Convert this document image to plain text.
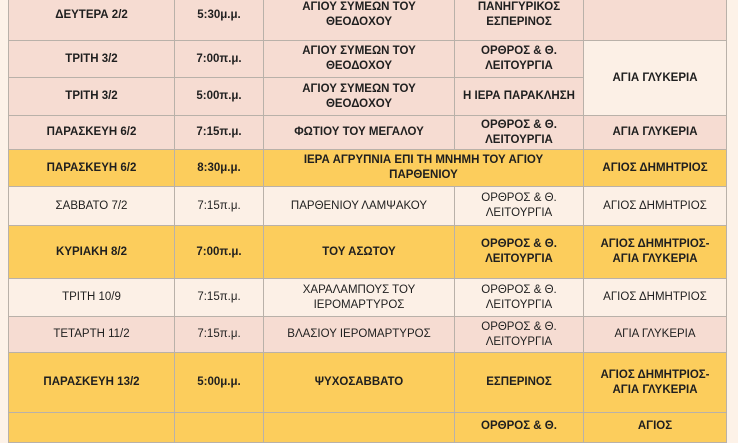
ΔΕΥΤΕΡΑ 2/2	5:30μ.μ.	ΑΓΙΟΥ ΣΥΜΕΩΝ ΤΟΥ ΘΕΟΔΟΧΟΥ	ΠΑΝΗΓΥΡΙΚΟΣ ΕΣΠΕΡΙΝΟΣ	
ΤΡΙΤΗ 3/2	7:00π.μ.	ΑΓΙΟΥ ΣΥΜΕΩΝ ΤΟΥ ΘΕΟΔΟΧΟΥ	ΟΡΘΡΟΣ & Θ. ΛΕΙΤΟΥΡΓΙΑ	ΑΓΙΑ ΓΛΥΚΕΡΙΑ
ΤΡΙΤΗ 3/2	5:00π.μ.	ΑΓΙΟΥ ΣΥΜΕΩΝ ΤΟΥ ΘΕΟΔΟΧΟΥ	Η ΙΕΡΑ ΠΑΡΑΚΛΗΣΗ	
ΠΑΡΑΣΚΕΥΗ 6/2	7:15π.μ.	ΦΩΤΙΟΥ ΤΟΥ ΜΕΓΑΛΟΥ	ΟΡΘΡΟΣ & Θ. ΛΕΙΤΟΥΡΓΙΑ	ΑΓΙΑ ΓΛΥΚΕΡΙΑ
ΠΑΡΑΣΚΕΥΗ 6/2	8:30μ.μ.	ΙΕΡΑ ΑΓΡΥΠΝΙΑ ΕΠΙ ΤΗ ΜΝΗΜΗ ΤΟΥ ΑΓΙΟΥ ΠΑΡΘΕΝΙΟΥ		ΑΓΙΟΣ ΔΗΜΗΤΡΙΟΣ
ΣΑΒΒΑΤΟ 7/2	7:15π.μ.	ΠΑΡΘΕΝΙΟΥ ΛΑΜΨΑΚΟΥ	ΟΡΘΡΟΣ & Θ. ΛΕΙΤΟΥΡΓΙΑ	ΑΓΙΟΣ ΔΗΜΗΤΡΙΟΣ
ΚΥΡΙΑΚΗ 8/2	7:00π.μ.	ΤΟΥ ΑΣΩΤΟΥ	ΟΡΘΡΟΣ & Θ. ΛΕΙΤΟΥΡΓΙΑ	ΑΓΙΟΣ ΔΗΜΗΤΡΙΟΣ- ΑΓΙΑ ΓΛΥΚΕΡΙΑ
ΤΡΙΤΗ 10/9	7:15π.μ.	ΧΑΡΑΛΑΜΠΟΥΣ ΤΟΥ ΙΕΡΟΜΑΡΤΥΡΟΣ	ΟΡΘΡΟΣ & Θ. ΛΕΙΤΟΥΡΓΙΑ	ΑΓΙΟΣ ΔΗΜΗΤΡΙΟΣ
ΤΕΤΑΡΤΗ 11/2	7:15π.μ.	ΒΛΑΣΙΟΥ ΙΕΡΟΜΑΡΤΥΡΟΣ	ΟΡΘΡΟΣ & Θ. ΛΕΙΤΟΥΡΓΙΑ	ΑΓΙΑ ΓΛΥΚΕΡΙΑ
ΠΑΡΑΣΚΕΥΗ 13/2	5:00μ.μ.	ΨΥΧΟΣΑΒΒΑΤΟ	ΕΣΠΕΡΙΝΟΣ	ΑΓΙΟΣ ΔΗΜΗΤΡΙΟΣ- ΑΓΙΑ ΓΛΥΚΕΡΙΑ

			ΟΡΘΡΟΣ & Θ.	ΑΓΙΟΣ
